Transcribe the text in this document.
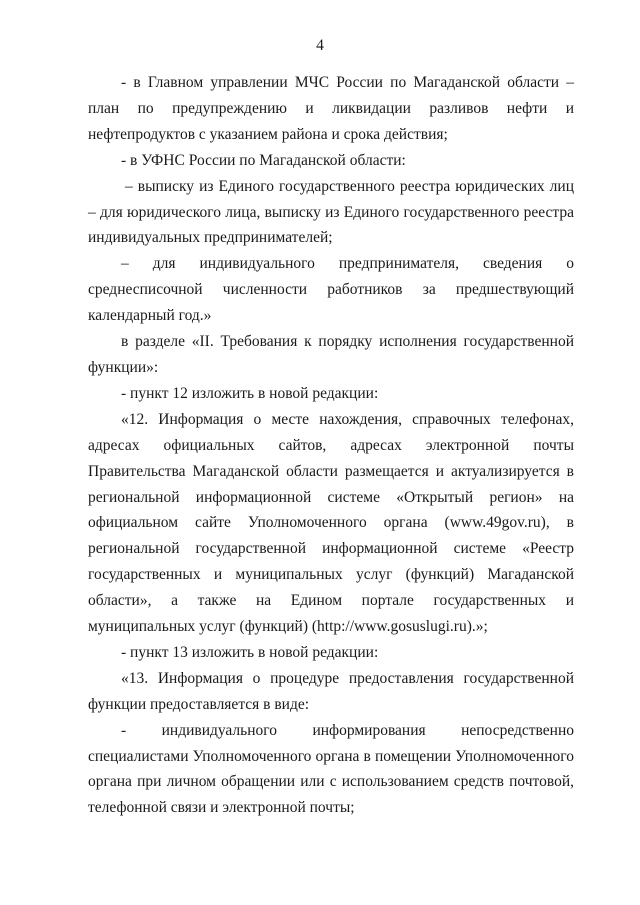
4

- в Главном управлении МЧС России по Магаданской области – план по предупреждению и ликвидации разливов нефти и нефтепродуктов с указанием района и срока действия;

- в УФНС России по Магаданской области:

– выписку из Единого государственного реестра юридических лиц – для юридического лица, выписку из Единого государственного реестра индивидуальных предпринимателей;

– для индивидуального предпринимателя, сведения о среднесписочной численности работников за предшествующий календарный год.»

в разделе «II. Требования к порядку исполнения государственной функции»:

- пункт 12 изложить в новой редакции:

«12. Информация о месте нахождения, справочных телефонах, адресах официальных сайтов, адресах электронной почты Правительства Магаданской области размещается и актуализируется в региональной информационной системе «Открытый регион» на официальном сайте Уполномоченного органа (www.49gov.ru), в региональной государственной информационной системе «Реестр государственных и муниципальных услуг (функций) Магаданской области», а также на Едином портале государственных и муниципальных услуг (функций) (http://www.gosuslugi.ru).»;

- пункт 13 изложить в новой редакции:

«13. Информация о процедуре предоставления государственной функции предоставляется в виде:

- индивидуального информирования непосредственно специалистами Уполномоченного органа в помещении Уполномоченного органа при личном обращении или с использованием средств почтовой, телефонной связи и электронной почты;
